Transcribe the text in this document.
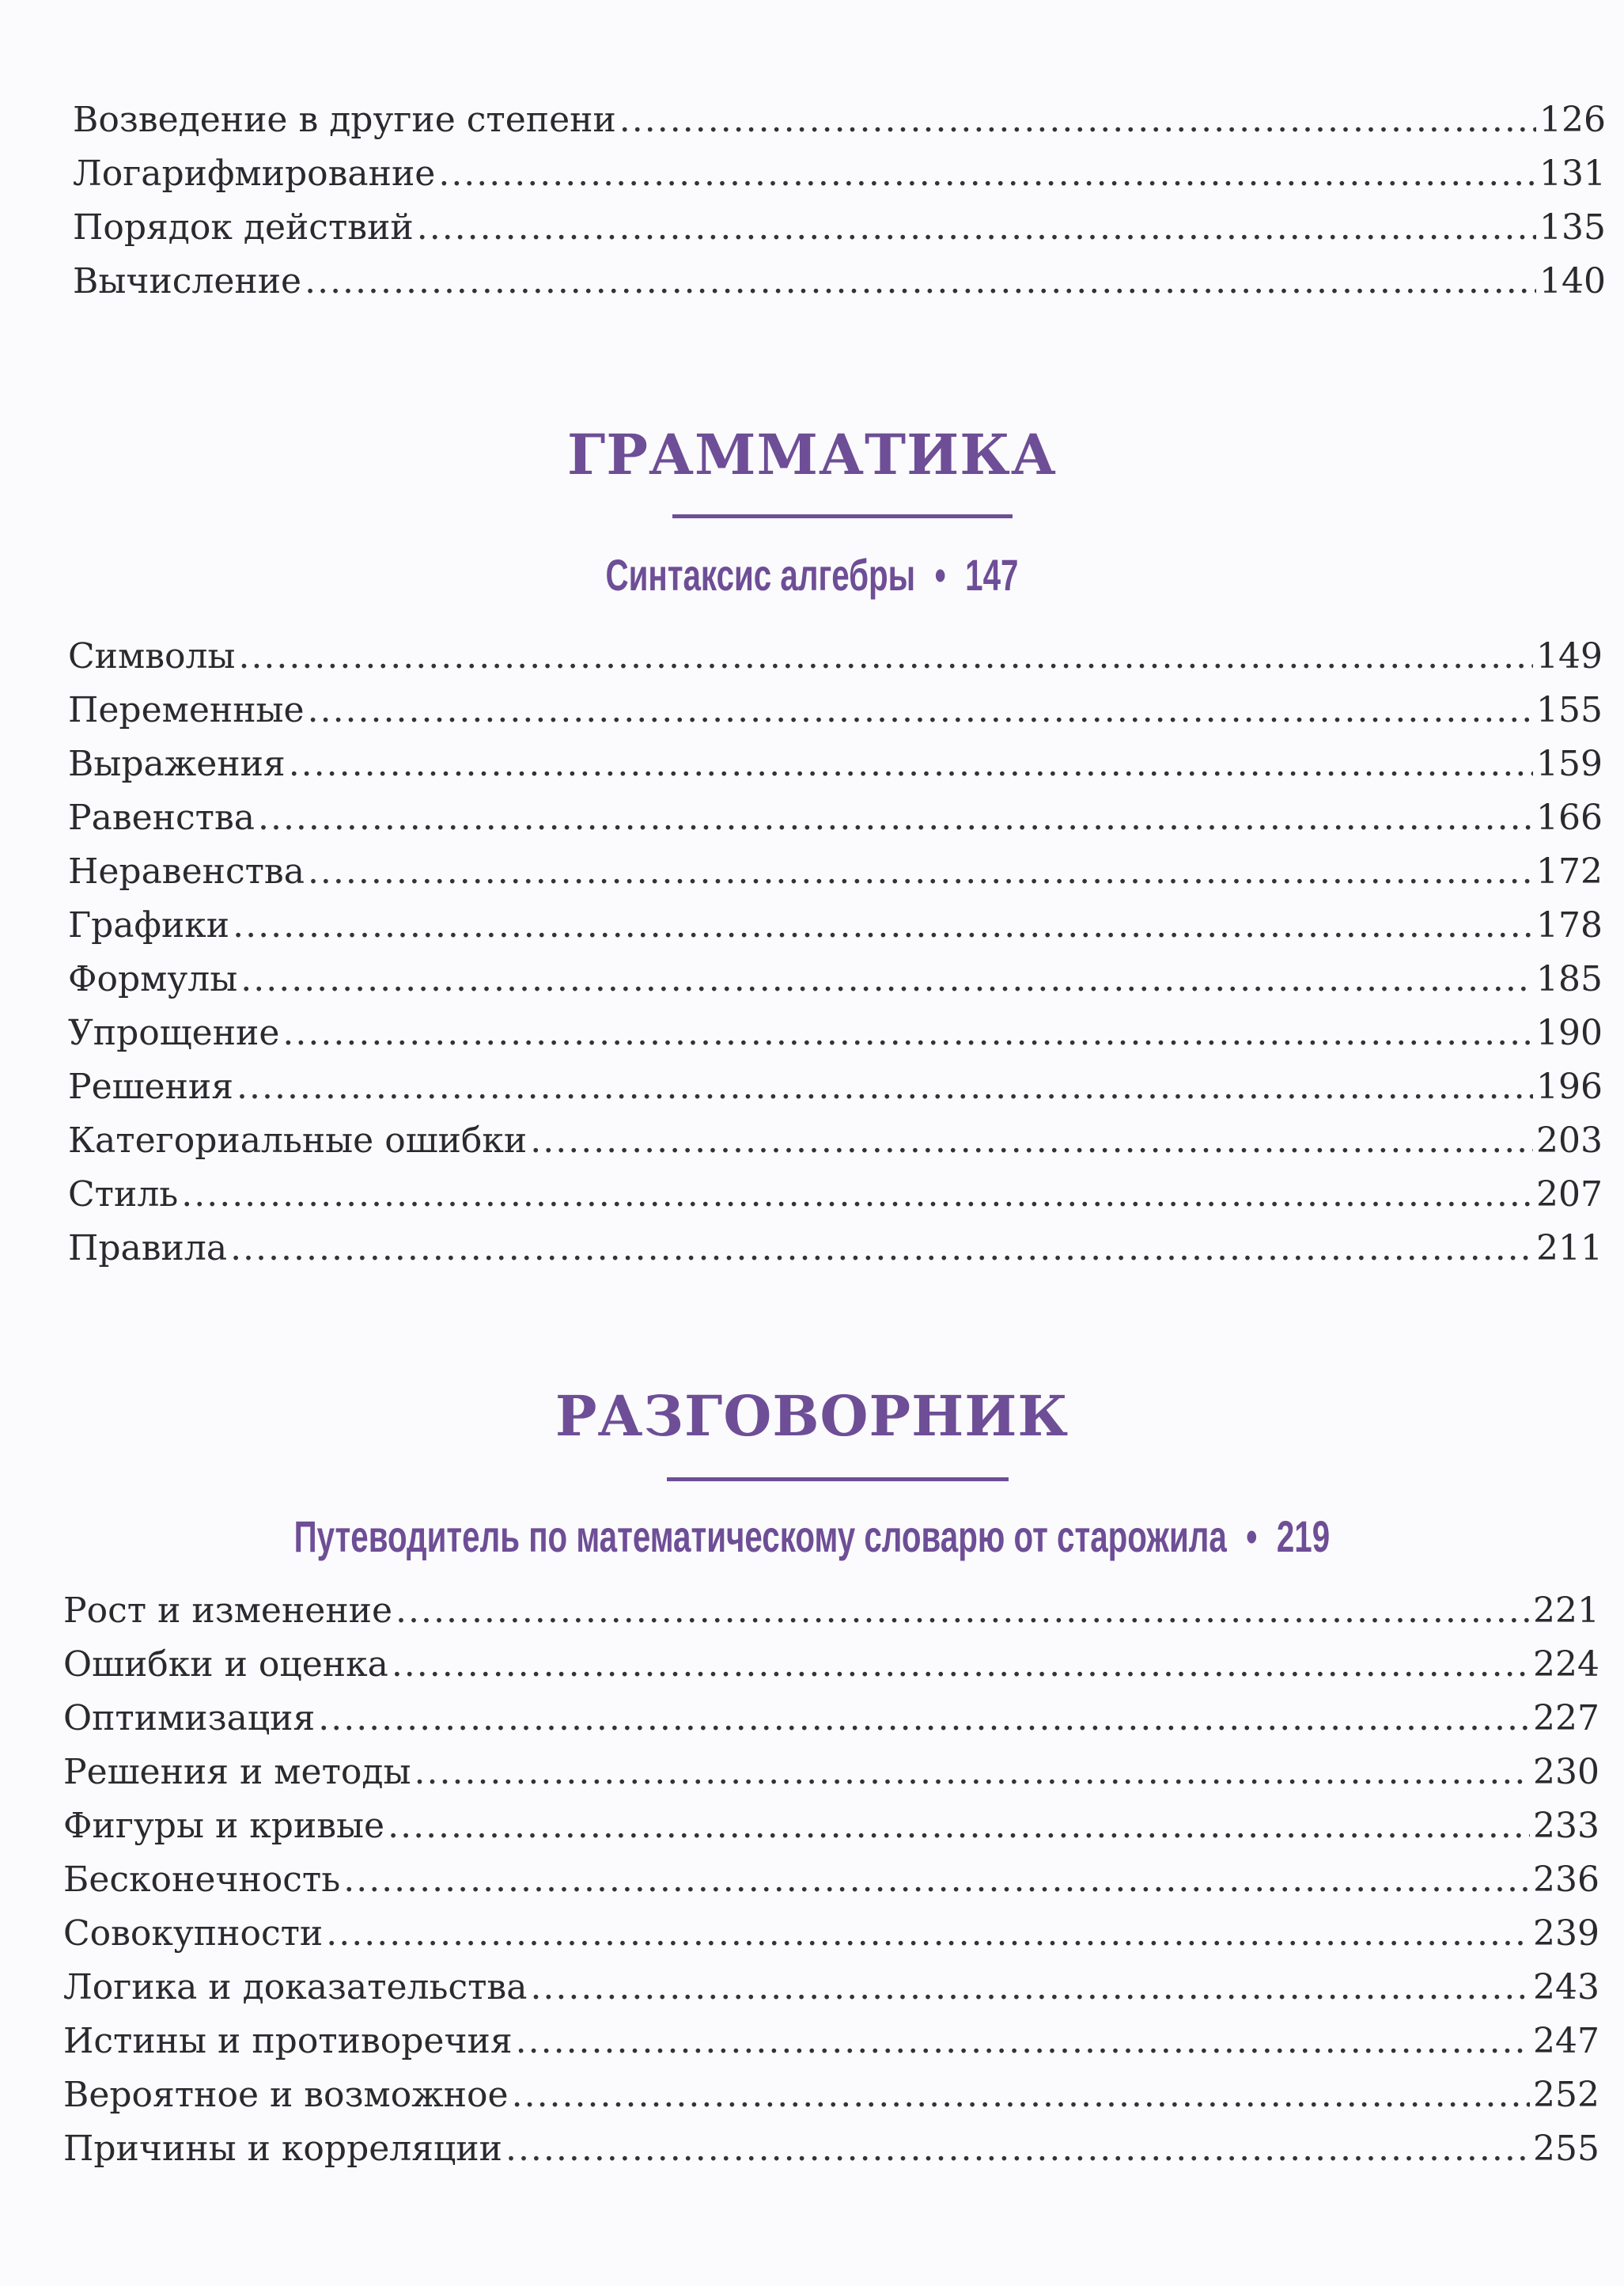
Возведение в другие степени .....	126
Логарифмирование .....	131
Порядок действий .....	135
Вычисление .....	140
ГРАММАТИКА
Синтаксис алгебры • 147
Символы .....	149
Переменные .....	155
Выражения .....	159
Равенства .....	166
Неравенства .....	172
Графики .....	178
Формулы .....	185
Упрощение .....	190
Решения .....	196
Категориальные ошибки .....	203
Стиль .....	207
Правила .....	211
РАЗГОВОРНИК
Путеводитель по математическому словарю от старожила • 219
Рост и изменение .....	221
Ошибки и оценка .....	224
Оптимизация .....	227
Решения и методы .....	230
Фигуры и кривые .....	233
Бесконечность .....	236
Совокупности .....	239
Логика и доказательства .....	243
Истины и противоречия .....	247
Вероятное и возможное .....	252
Причины и корреляции .....	255
